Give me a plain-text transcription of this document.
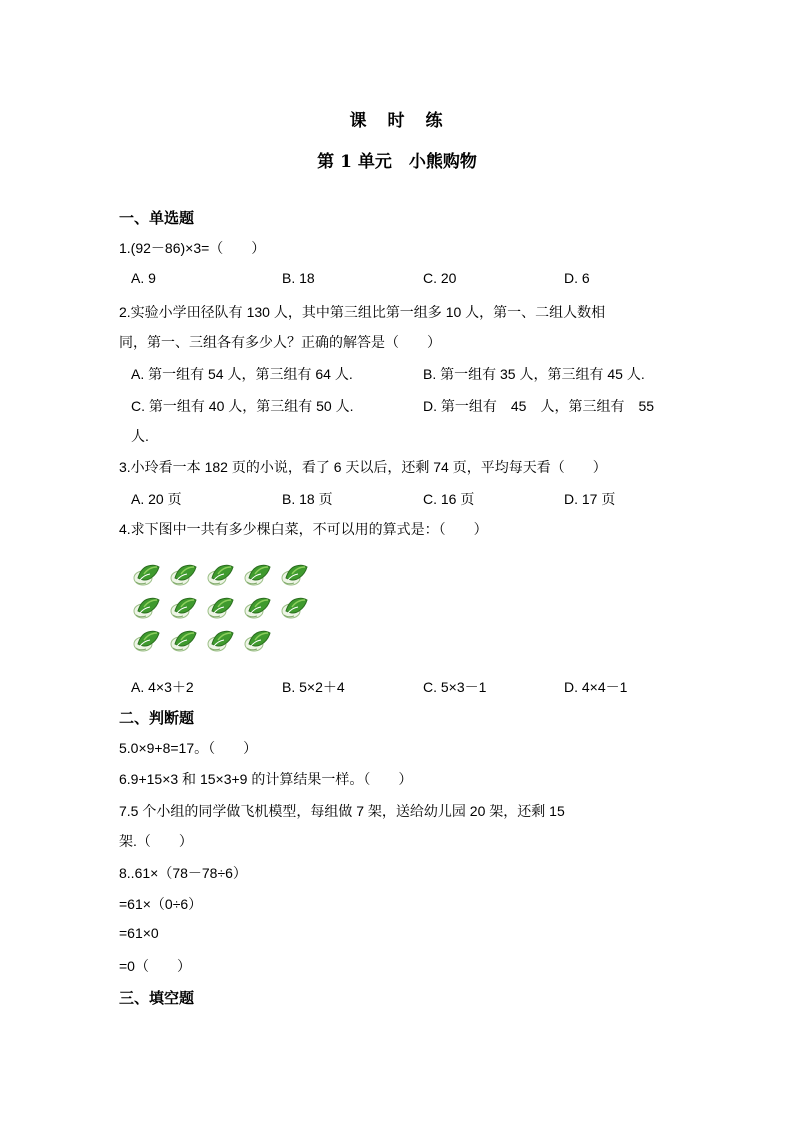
课　时　练
第 1 单元　小熊购物
一、单选题
1.(92－86)×3=（　　）
A. 9	B. 18	C. 20	D. 6
2.实验小学田径队有 130 人，其中第三组比第一组多 10 人，第一、二组人数相
同，第一、三组各有多少人？正确的解答是（　　）
A. 第一组有 54 人，第三组有 64 人.	B. 第一组有 35 人，第三组有 45 人.
C. 第一组有 40 人，第三组有 50 人.	D. 第一组有　45　人，第三组有　55
人.
3.小玲看一本 182 页的小说，看了 6 天以后，还剩 74 页，平均每天看（　　）
A. 20 页	B. 18 页	C. 16 页	D. 17 页
4.求下图中一共有多少棵白菜，不可以用的算式是：（　　）
A. 4×3＋2	B. 5×2＋4	C. 5×3－1	D. 4×4－1
二、判断题
5.0×9+8=17。（　　）
6.9+15×3 和 15×3+9 的计算结果一样。（　　）
7.5 个小组的同学做飞机模型，每组做 7 架，送给幼儿园 20 架，还剩 15
架.（　　）
8..61×（78－78÷6）
=61×（0÷6）
=61×0
=0（　　）
三、填空题
